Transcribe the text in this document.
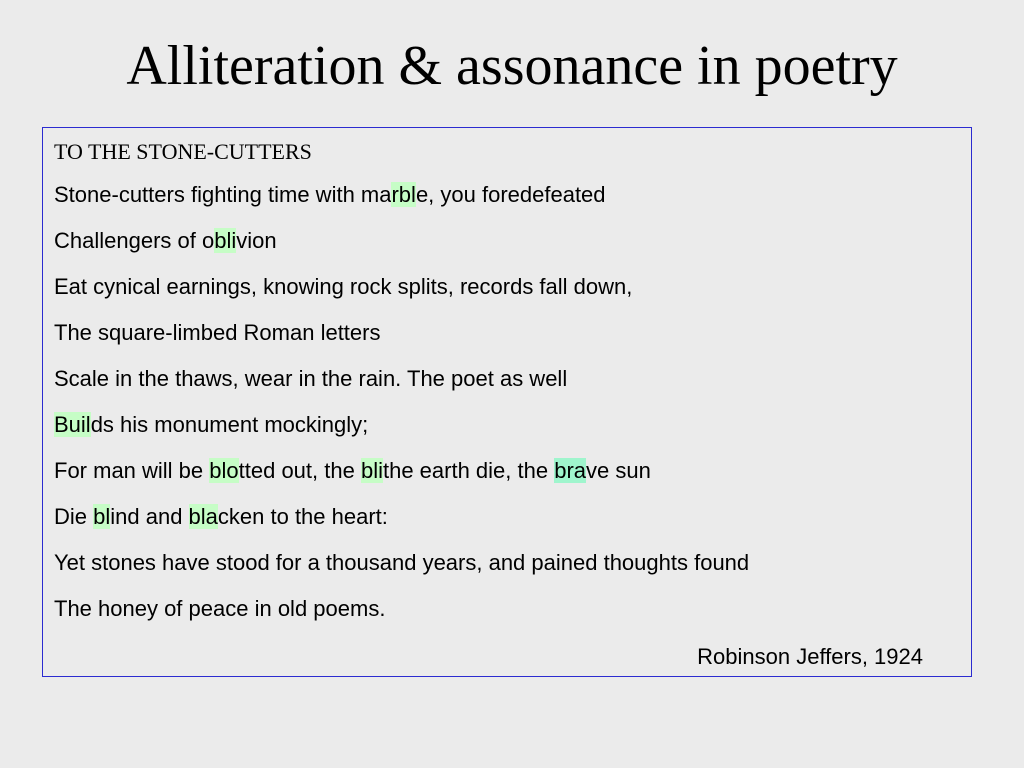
Alliteration & assonance in poetry
TO THE STONE-CUTTERS
Stone-cutters fighting time with marble, you foredefeated
Challengers of oblivion
Eat cynical earnings, knowing rock splits, records fall down,
The square-limbed Roman letters
Scale in the thaws, wear in the rain. The poet as well
Builds his monument mockingly;
For man will be blotted out, the blithe earth die, the brave sun
Die blind and blacken to the heart:
Yet stones have stood for a thousand years, and pained thoughts found
The honey of peace in old poems.
Robinson Jeffers, 1924
